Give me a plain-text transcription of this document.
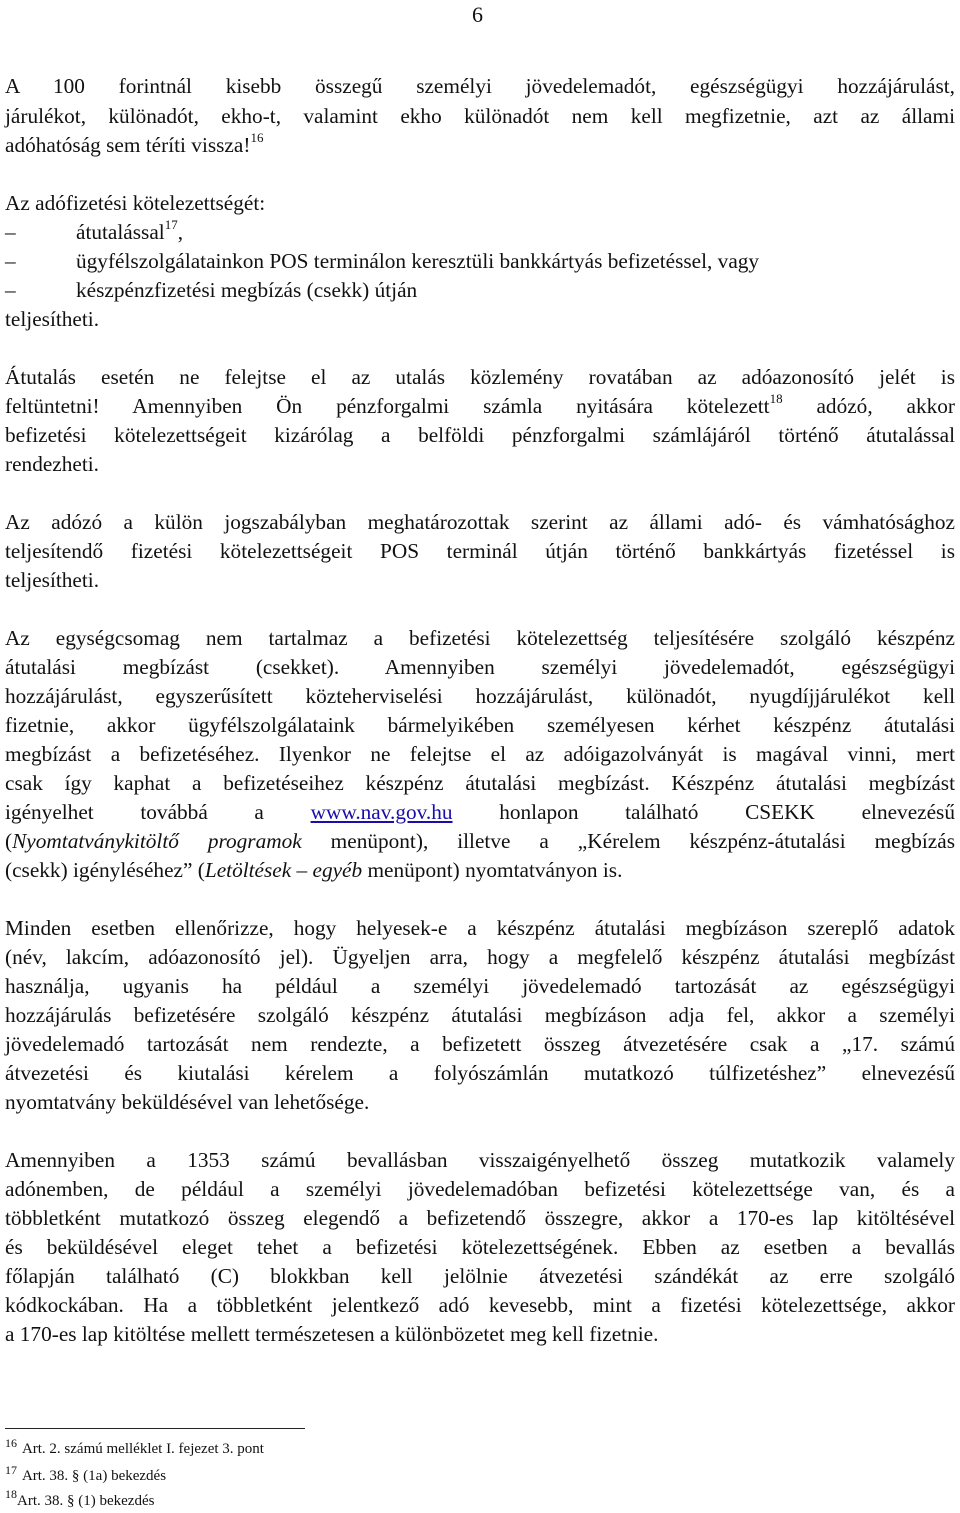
6
A 100 forintnál kisebb összegű személyi jövedelemadót, egészségügyi hozzájárulást,
járulékot, különadót, ekho-t, valamint ekho különadót nem kell megfizetnie, azt az állami
adóhatóság sem téríti vissza!$^{16}$
Az adófizetési kötelezettségét:
–	átutalással$^{17}$,
–	ügyfélszolgálatainkon POS terminálon keresztüli bankkártyás befizetéssel, vagy
–	készpénzfizetési megbízás (csekk) útján
teljesítheti.
Átutalás esetén ne felejtse el az utalás közlemény rovatában az adóazonosító jelét is
feltüntetni! Amennyiben Ön pénzforgalmi számla nyitására kötelezett$^{18}$ adózó, akkor
befizetési kötelezettségeit kizárólag a belföldi pénzforgalmi számlájáról történő átutalással
rendezheti.
Az adózó a külön jogszabályban meghatározottak szerint az állami adó- és vámhatósághoz
teljesítendő fizetési kötelezettségeit POS terminál útján történő bankkártyás fizetéssel is
teljesítheti.
Az egységcsomag nem tartalmaz a befizetési kötelezettség teljesítésére szolgáló készpénz
átutalási megbízást (csekket). Amennyiben személyi jövedelemadót, egészségügyi
hozzájárulást, egyszerűsített közteherviselési hozzájárulást, különadót, nyugdíjjárulékot kell
fizetnie, akkor ügyfélszolgálataink bármelyikében személyesen kérhet készpénz átutalási
megbízást a befizetéséhez. Ilyenkor ne felejtse el az adóigazolványát is magával vinni, mert
csak így kaphat a befizetéseihez készpénz átutalási megbízást. Készpénz átutalási megbízást
igényelhet továbbá a www.nav.gov.hu honlapon található CSEKK elnevezésű
(Nyomtatványkitöltő programok menüpont), illetve a „Kérelem készpénz-átutalási megbízás
(csekk) igényléséhez” (Letöltések – egyéb menüpont) nyomtatványon is.
Minden esetben ellenőrizze, hogy helyesek-e a készpénz átutalási megbízáson szereplő adatok
(név, lakcím, adóazonosító jel). Ügyeljen arra, hogy a megfelelő készpénz átutalási megbízást
használja, ugyanis ha például a személyi jövedelemadó tartozását az egészségügyi
hozzájárulás befizetésére szolgáló készpénz átutalási megbízáson adja fel, akkor a személyi
jövedelemadó tartozását nem rendezte, a befizetett összeg átvezetésére csak a „17. számú
átvezetési és kiutalási kérelem a folyószámlán mutatkozó túlfizetéshez” elnevezésű
nyomtatvány beküldésével van lehetősége.
Amennyiben a 1353 számú bevallásban visszaigényelhető összeg mutatkozik valamely
adónemben, de például a személyi jövedelemadóban befizetési kötelezettsége van, és a
többletként mutatkozó összeg elegendő a befizetendő összegre, akkor a 170-es lap kitöltésével
és beküldésével eleget tehet a befizetési kötelezettségének. Ebben az esetben a bevallás
főlapján található (C) blokkban kell jelölnie átvezetési szándékát az erre szolgáló
kódkockában. Ha a többletként jelentkező adó kevesebb, mint a fizetési kötelezettsége, akkor
a 170-es lap kitöltése mellett természetesen a különbözetet meg kell fizetnie.
$^{16}$ Art. 2. számú melléklet I. fejezet 3. pont
$^{17}$ Art. 38. § (1a) bekezdés
$^{18}$Art. 38. § (1) bekezdés
